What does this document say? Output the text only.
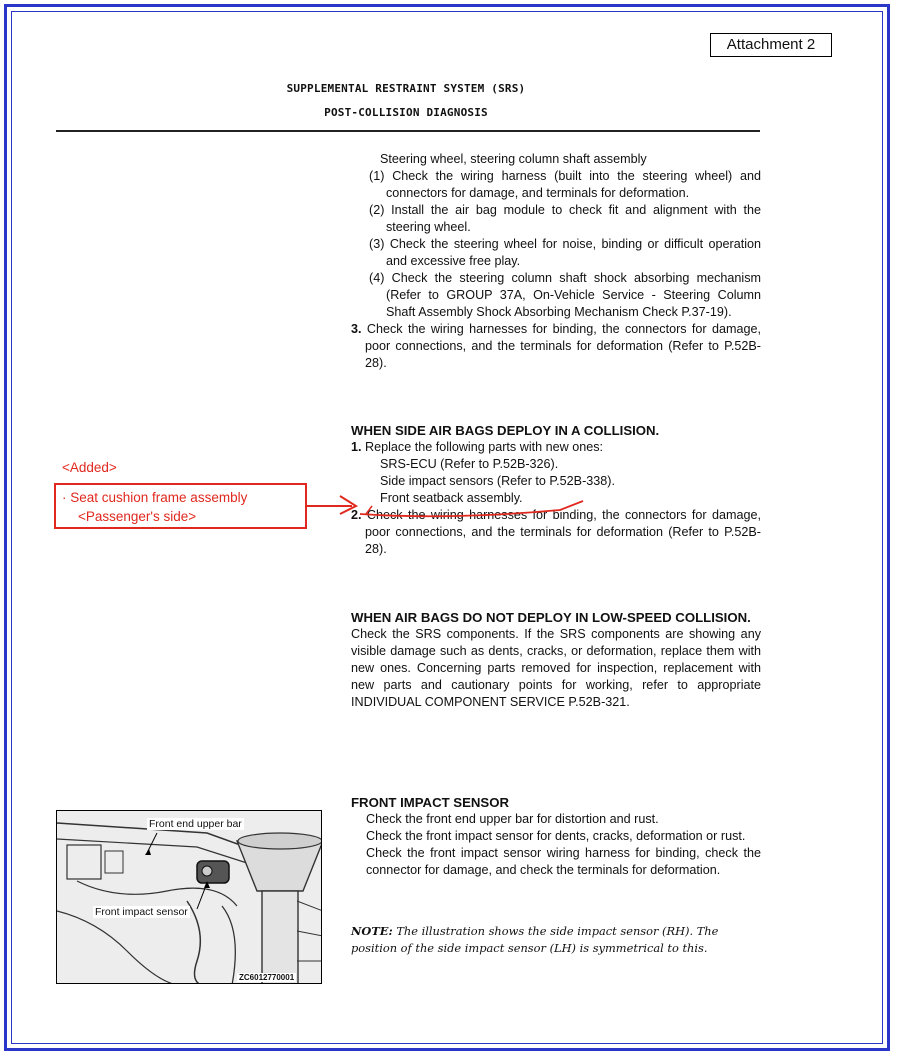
Attachment 2
SUPPLEMENTAL RESTRAINT SYSTEM (SRS)
POST-COLLISION DIAGNOSIS
Steering wheel, steering column shaft assembly
(1) Check the wiring harness (built into the steering wheel) and connectors for damage, and terminals for deformation.
(2) Install the air bag module to check fit and alignment with the steering wheel.
(3) Check the steering wheel for noise, binding or difficult operation and excessive free play.
(4) Check the steering column shaft shock absorbing mechanism (Refer to GROUP 37A, On-Vehicle Service - Steering Column Shaft Assembly Shock Absorbing Mechanism Check P.37-19).
3. Check the wiring harnesses for binding, the connectors for damage, poor connections, and the terminals for deformation (Refer to P.52B-28).
WHEN SIDE AIR BAGS DEPLOY IN A COLLISION.
1. Replace the following parts with new ones:
SRS-ECU (Refer to P.52B-326).
Side impact sensors (Refer to P.52B-338).
Front seatback assembly.
2. Check the wiring harnesses for binding, the connectors for damage, poor connections, and the terminals for deformation (Refer to P.52B-28).
<Added>
· Seat cushion frame assembly
<Passenger's side>
WHEN AIR BAGS DO NOT DEPLOY IN LOW-SPEED COLLISION.
Check the SRS components. If the SRS components are showing any visible damage such as dents, cracks, or deformation, replace them with new ones. Concerning parts removed for inspection, replacement with new parts and cautionary points for working, refer to appropriate INDIVIDUAL COMPONENT SERVICE P.52B-321.
FRONT IMPACT SENSOR
Check the front end upper bar for distortion and rust.
Check the front impact sensor for dents, cracks, deformation or rust.
Check the front impact sensor wiring harness for binding, check the connector for damage, and check the terminals for deformation.
NOTE: The illustration shows the side impact sensor (RH). The position of the side impact sensor (LH) is symmetrical to this.
Front end upper bar
Front impact sensor
ZC6012770001
